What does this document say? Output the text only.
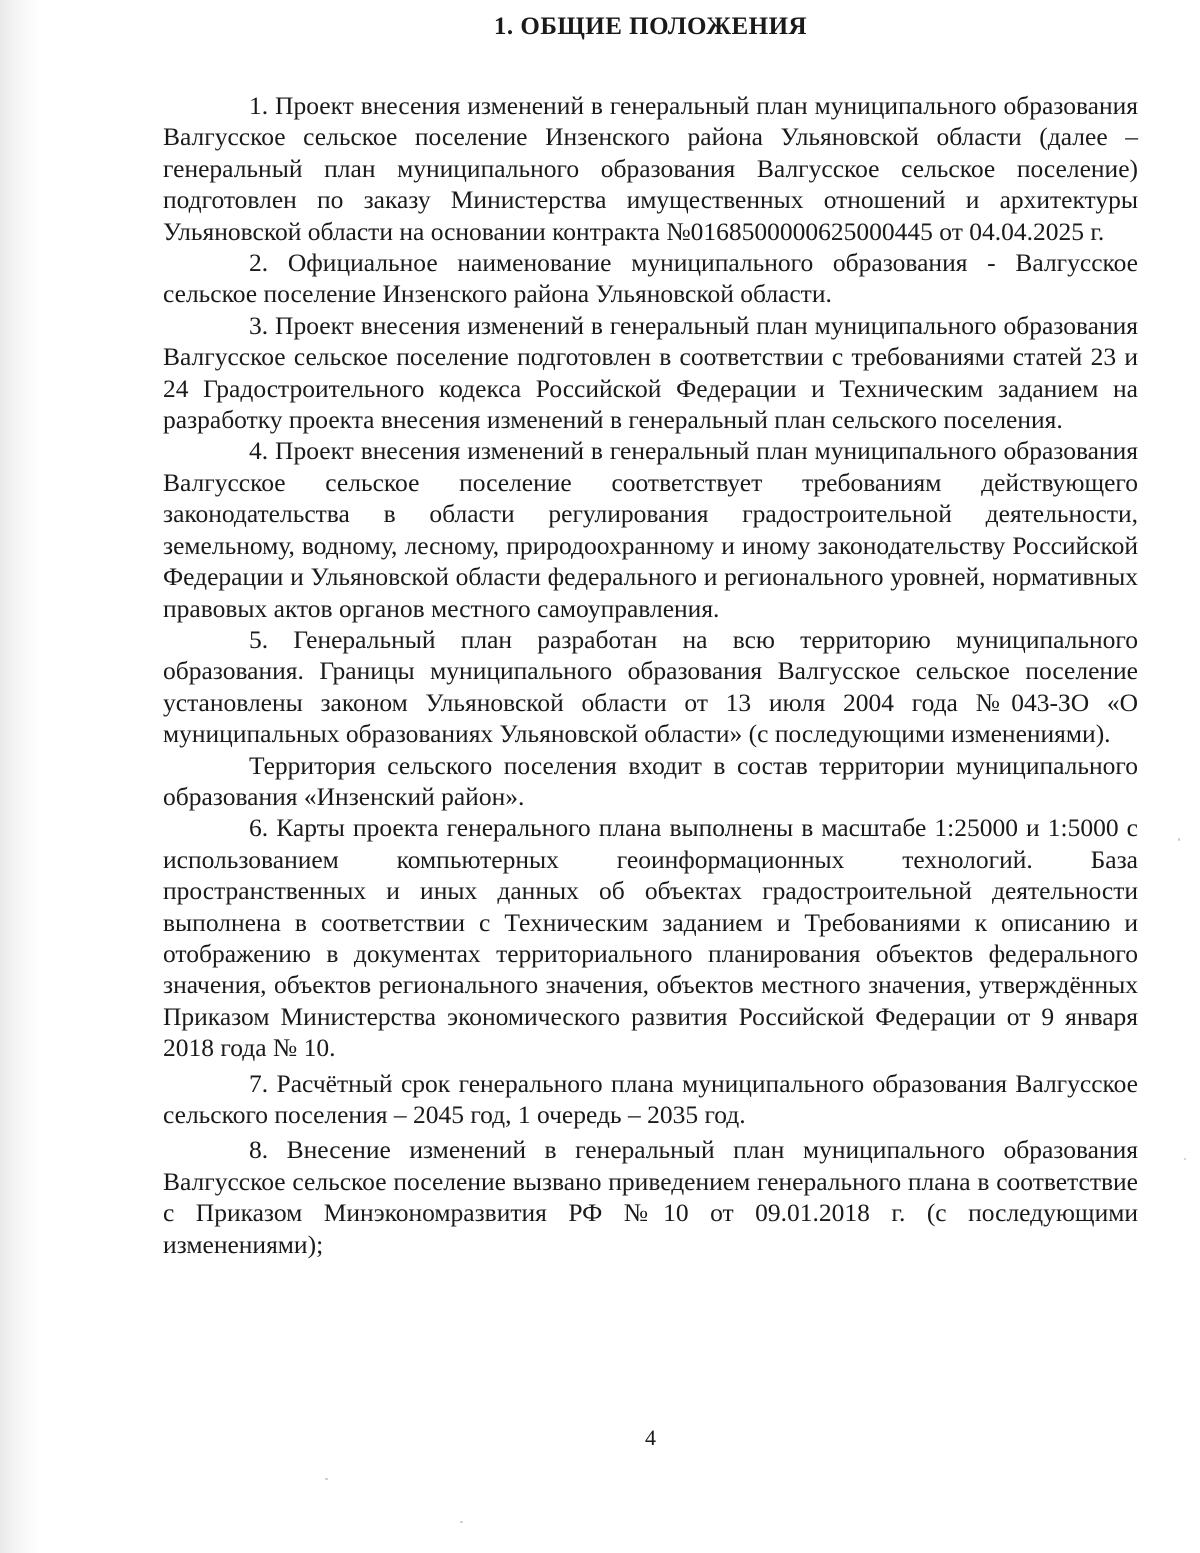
1. ОБЩИЕ ПОЛОЖЕНИЯ

1. Проект внесения изменений в генеральный план муниципального образования Валгусское сельское поселение Инзенского района Ульяновской области (далее – генеральный план муниципального образования Валгусское сельское поселение) подготовлен по заказу Министерства имущественных отношений и архитектуры Ульяновской области на основании контракта №0168500000625000445 от 04.04.2025 г.

2. Официальное наименование муниципального образования - Валгусское сельское поселение Инзенского района Ульяновской области.

3. Проект внесения изменений в генеральный план муниципального образования Валгусское сельское поселение подготовлен в соответствии с требованиями статей 23 и 24 Градостроительного кодекса Российской Федерации и Техническим заданием на разработку проекта внесения изменений в генеральный план сельского поселения.

4. Проект внесения изменений в генеральный план муниципального образования Валгусское сельское поселение соответствует требованиям действующего законодательства в области регулирования градостроительной деятельности, земельному, водному, лесному, природоохранному и иному законодательству Российской Федерации и Ульяновской области федерального и регионального уровней, нормативных правовых актов органов местного самоуправления.

5. Генеральный план разработан на всю территорию муниципального образования. Границы муниципального образования Валгусское сельское поселение установлены законом Ульяновской области от 13 июля 2004 года №043-ЗО «О муниципальных образованиях Ульяновской области» (с последующими изменениями).

Территория сельского поселения входит в состав территории муниципального образования «Инзенский район».

6. Карты проекта генерального плана выполнены в масштабе 1:25000 и 1:5000 с использованием компьютерных геоинформационных технологий. База пространственных и иных данных об объектах градостроительной деятельности выполнена в соответствии с Техническим заданием и Требованиями к описанию и отображению в документах территориального планирования объектов федерального значения, объектов регионального значения, объектов местного значения, утверждённых Приказом Министерства экономического развития Российской Федерации от 9 января 2018 года № 10.

7. Расчётный срок генерального плана муниципального образования Валгусское сельского поселения – 2045 год, 1 очередь – 2035 год.

8. Внесение изменений в генеральный план муниципального образования Валгусское сельское поселение вызвано приведением генерального плана в соответствие с Приказом Минэкономразвития РФ №10 от 09.01.2018 г. (с последующими изменениями);

4
